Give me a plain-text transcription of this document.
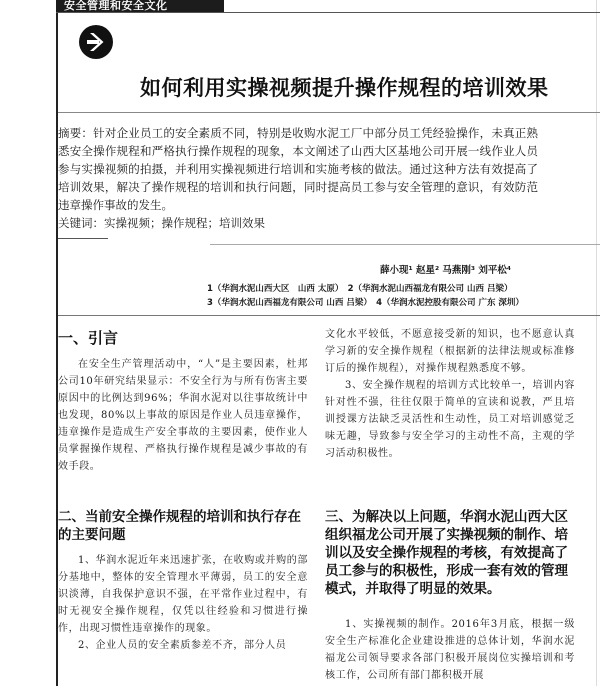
安全管理和安全文化
如何利用实操视频提升操作规程的培训效果
摘要：针对企业员工的安全素质不同，特别是收购水泥工厂中部分员工凭经验操作，未真正熟悉安全操作规程和严格执行操作规程的现象，本文阐述了山西大区基地公司开展一线作业人员参与实操视频的拍摄，并利用实操视频进行培训和实施考核的做法。通过这种方法有效提高了培训效果，解决了操作规程的培训和执行问题，同时提高员工参与安全管理的意识，有效防范违章操作事故的发生。
关键词：实操视频；操作规程；培训效果
薛小现¹ 赵星² 马燕刚³ 刘平松⁴
1（华润水泥山西大区　山西 太原）　2（华润水泥山西福龙有限公司 山西 吕梁）
3（华润水泥山西福龙有限公司 山西 吕梁）　4（华润水泥控股有限公司 广东 深圳）
一、引言

在安全生产管理活动中，“人”是主要因素，杜邦公司10年研究结果显示：不安全行为与所有伤害主要原因中的比例达到96%；华润水泥对以往事故统计中也发现，80%以上事故的原因是作业人员违章操作，违章操作是造成生产安全事故的主要因素，使作业人员掌握操作规程、严格执行操作规程是减少事故的有效手段。

二、当前安全操作规程的培训和执行存在的主要问题

1、华润水泥近年来迅速扩张，在收购或并购的部分基地中，整体的安全管理水平薄弱，员工的安全意识淡薄，自我保护意识不强，在平常作业过程中，有时无视安全操作规程，仅凭以往经验和习惯进行操作，出现习惯性违章操作的现象。

2、企业人员的安全素质参差不齐，部分人员

文化水平较低，不愿意接受新的知识，也不愿意认真学习新的安全操作规程（根据新的法律法规或标准修订后的操作规程），对操作规程熟悉度不够。

3、安全操作规程的培训方式比较单一，培训内容针对性不强，往往仅限于简单的宣读和说教，严且培训授课方法缺乏灵活性和生动性，员工对培训感觉乏味无趣，导致参与安全学习的主动性不高，主观的学习活动积极性。

三、为解决以上问题，华润水泥山西大区组织福龙公司开展了实操视频的制作、培训以及安全操作规程的考核，有效提高了员工参与的积极性，形成一套有效的管理模式，并取得了明显的效果。

1、实操视频的制作。2016年3月底，根据一级安全生产标准化企业建设推进的总体计划，华润水泥福龙公司领导要求各部门积极开展岗位实操培训和考核工作，公司所有部门都积极开展
